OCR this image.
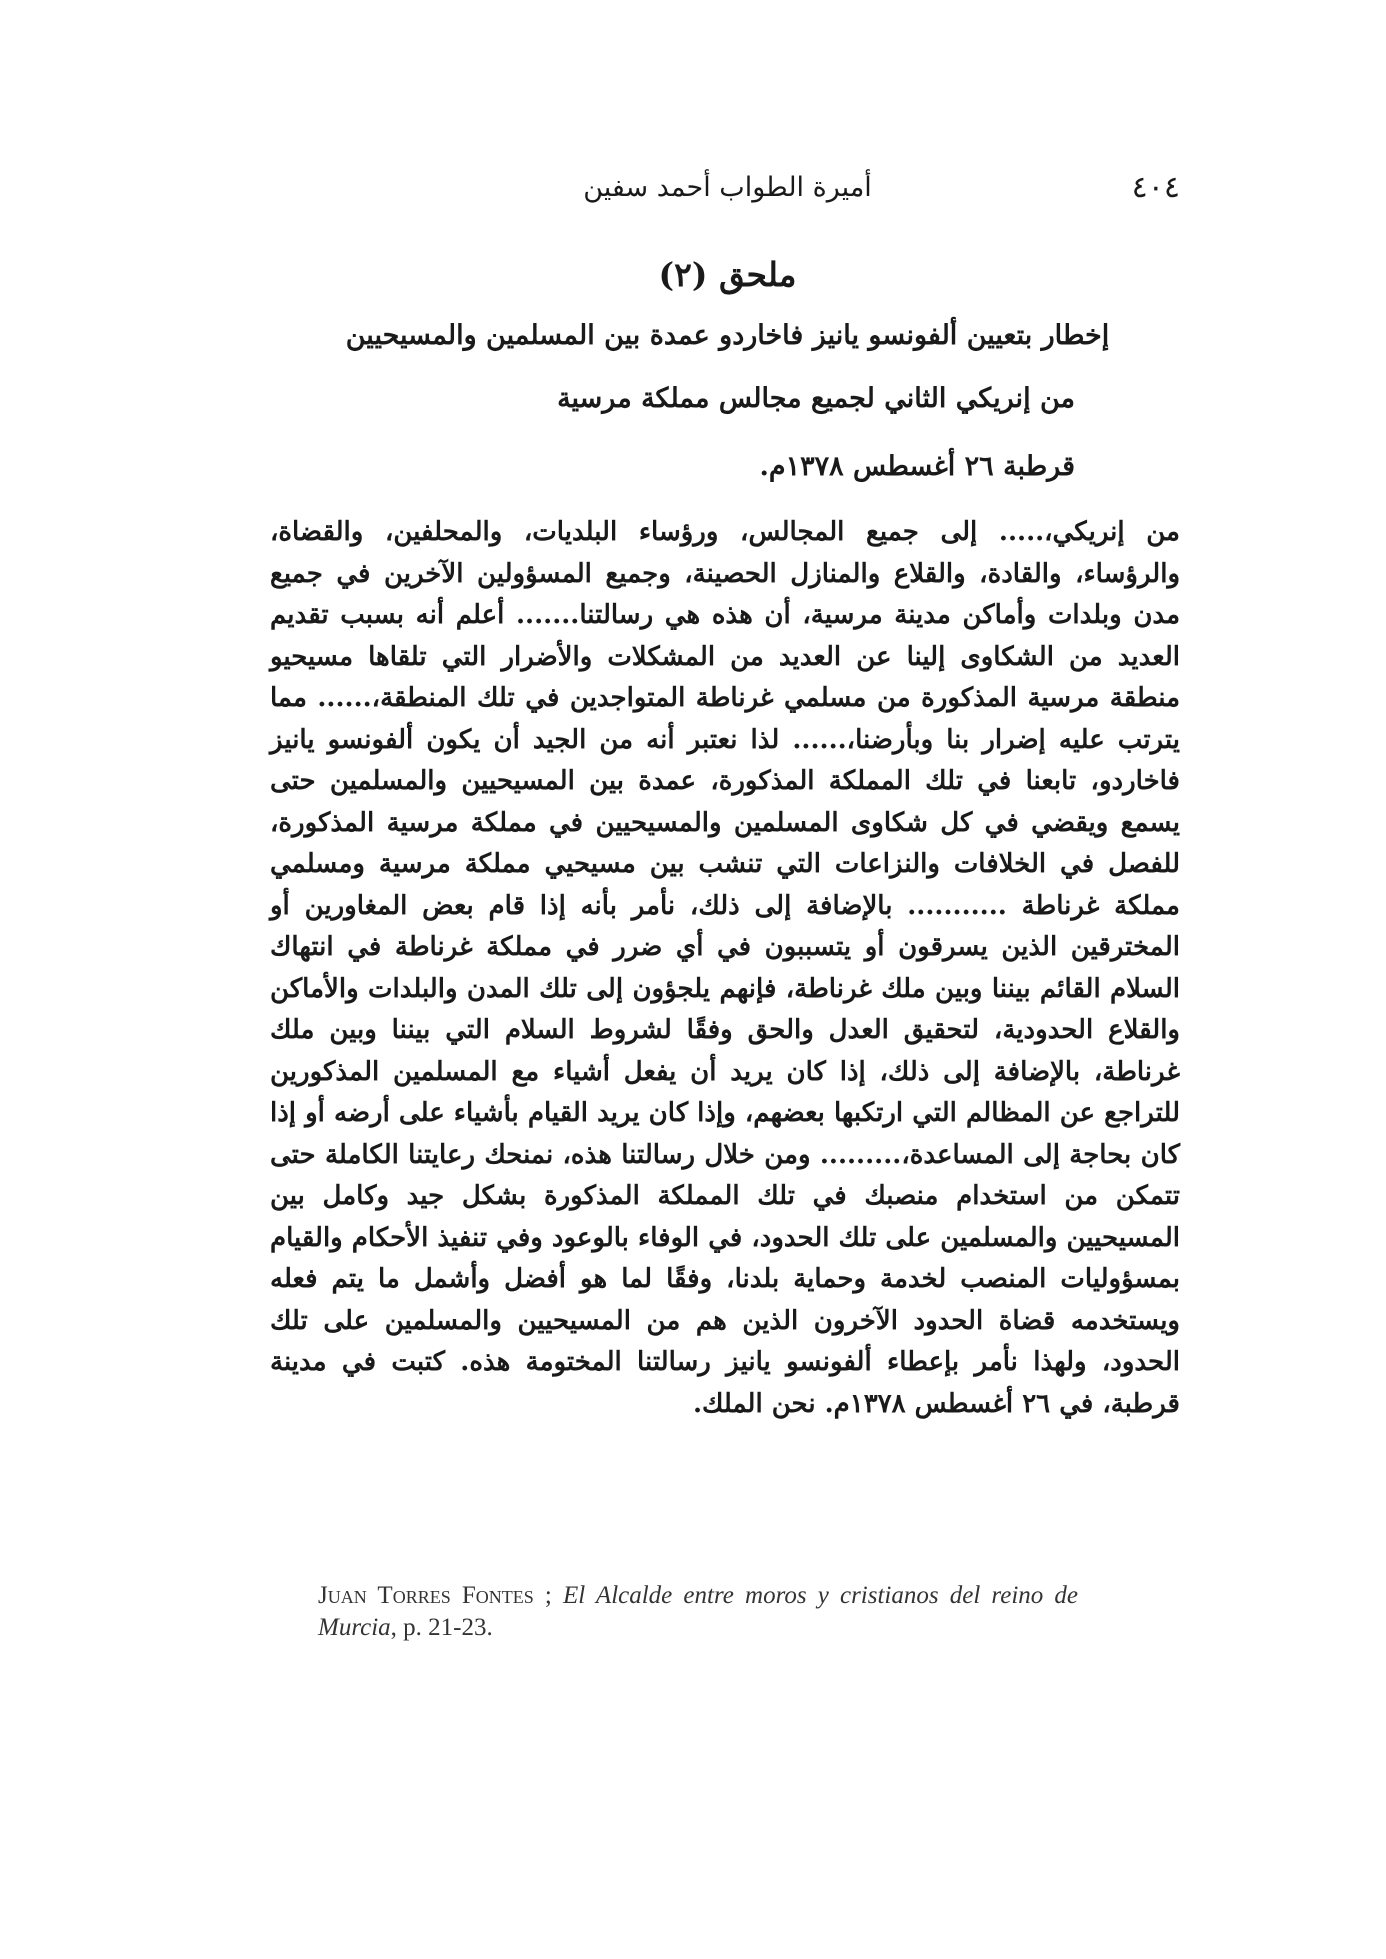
٤٠٤
أميرة الطواب أحمد سفين
ملحق (٢)
إخطار بتعيين ألفونسو يانيز فاخاردو عمدة بين المسلمين والمسيحيين
من إنريكي الثاني لجميع مجالس مملكة مرسية
قرطبة ٢٦ أغسطس ١٣٧٨م.

من إنريكي،..... إلى جميع المجالس، ورؤساء البلديات، والمحلفين، والقضاة، والرؤساء، والقادة، والقلاع والمنازل الحصينة، وجميع المسؤولين الآخرين في جميع مدن وبلدات وأماكن مدينة مرسية، أن هذه هي رسالتنا....... أعلم أنه بسبب تقديم العديد من الشكاوى إلينا عن العديد من المشكلات والأضرار التي تلقاها مسيحيو منطقة مرسية المذكورة من مسلمي غرناطة المتواجدين في تلك المنطقة،...... مما يترتب عليه إضرار بنا وبأرضنا،...... لذا نعتبر أنه من الجيد أن يكون ألفونسو يانيز فاخاردو، تابعنا في تلك المملكة المذكورة، عمدة بين المسيحيين والمسلمين حتى يسمع ويقضي في كل شكاوى المسلمين والمسيحيين في مملكة مرسية المذكورة، للفصل في الخلافات والنزاعات التي تنشب بين مسيحيي مملكة مرسية ومسلمي مملكة غرناطة ........... بالإضافة إلى ذلك، نأمر بأنه إذا قام بعض المغاورين أو المخترقين الذين يسرقون أو يتسببون في أي ضرر في مملكة غرناطة في انتهاك السلام القائم بيننا وبين ملك غرناطة، فإنهم يلجؤون إلى تلك المدن والبلدات والأماكن والقلاع الحدودية، لتحقيق العدل والحق وفقًا لشروط السلام التي بيننا وبين ملك غرناطة، بالإضافة إلى ذلك، إذا كان يريد أن يفعل أشياء مع المسلمين المذكورين للتراجع عن المظالم التي ارتكبها بعضهم، وإذا كان يريد القيام بأشياء على أرضه أو إذا كان بحاجة إلى المساعدة،......... ومن خلال رسالتنا هذه، نمنحك رعايتنا الكاملة حتى تتمكن من استخدام منصبك في تلك المملكة المذكورة بشكل جيد وكامل بين المسيحيين والمسلمين على تلك الحدود، في الوفاء بالوعود وفي تنفيذ الأحكام والقيام بمسؤوليات المنصب لخدمة وحماية بلدنا، وفقًا لما هو أفضل وأشمل ما يتم فعله ويستخدمه قضاة الحدود الآخرون الذين هم من المسيحيين والمسلمين على تلك الحدود، ولهذا نأمر بإعطاء ألفونسو يانيز رسالتنا المختومة هذه. كتبت في مدينة قرطبة، في ٢٦ أغسطس ١٣٧٨م. نحن الملك.

Juan Torres Fontes ; El Alcalde entre moros y cristianos del reino de Murcia, p. 21-23.
